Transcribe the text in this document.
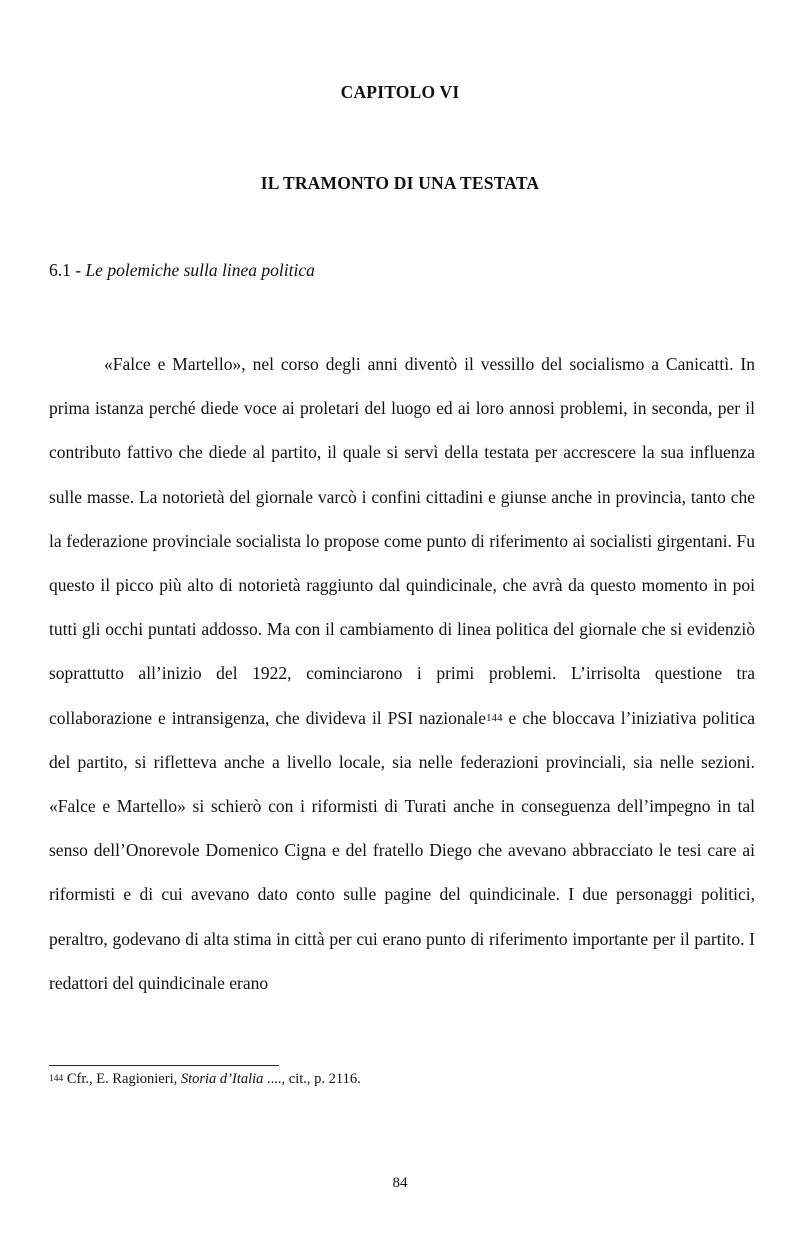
CAPITOLO VI
IL TRAMONTO DI UNA TESTATA
6.1 - Le polemiche sulla linea politica

«Falce e Martello», nel corso degli anni diventò il vessillo del socialismo a Canicattì. In prima istanza perché diede voce ai proletari del luogo ed ai loro annosi problemi, in seconda, per il contributo fattivo che diede al partito, il quale si servì della testata per accrescere la sua influenza sulle masse. La notorietà del giornale varcò i confini cittadini e giunse anche in provincia, tanto che la federazione provinciale socialista lo propose come punto di riferimento ai socialisti girgentani. Fu questo il picco più alto di notorietà raggiunto dal quindicinale, che avrà da questo momento in poi tutti gli occhi puntati addosso. Ma con il cambiamento di linea politica del giornale che si evidenziò soprattutto all’inizio del 1922, cominciarono i primi problemi. L’irrisolta questione tra collaborazione e intransigenza, che divideva il PSI nazionale$^{144}$ e che bloccava l’iniziativa politica del partito, si rifletteva anche a livello locale, sia nelle federazioni provinciali, sia nelle sezioni. «Falce e Martello» si schierò con i riformisti di Turati anche in conseguenza dell’impegno in tal senso dell’Onorevole Domenico Cigna e del fratello Diego che avevano abbracciato le tesi care ai riformisti e di cui avevano dato conto sulle pagine del quindicinale. I due personaggi politici, peraltro, godevano di alta stima in città per cui erano punto di riferimento importante per il partito. I redattori del quindicinale erano

$^{144}$ Cfr., E. Ragionieri, Storia d’Italia ...., cit., p. 2116.

84
